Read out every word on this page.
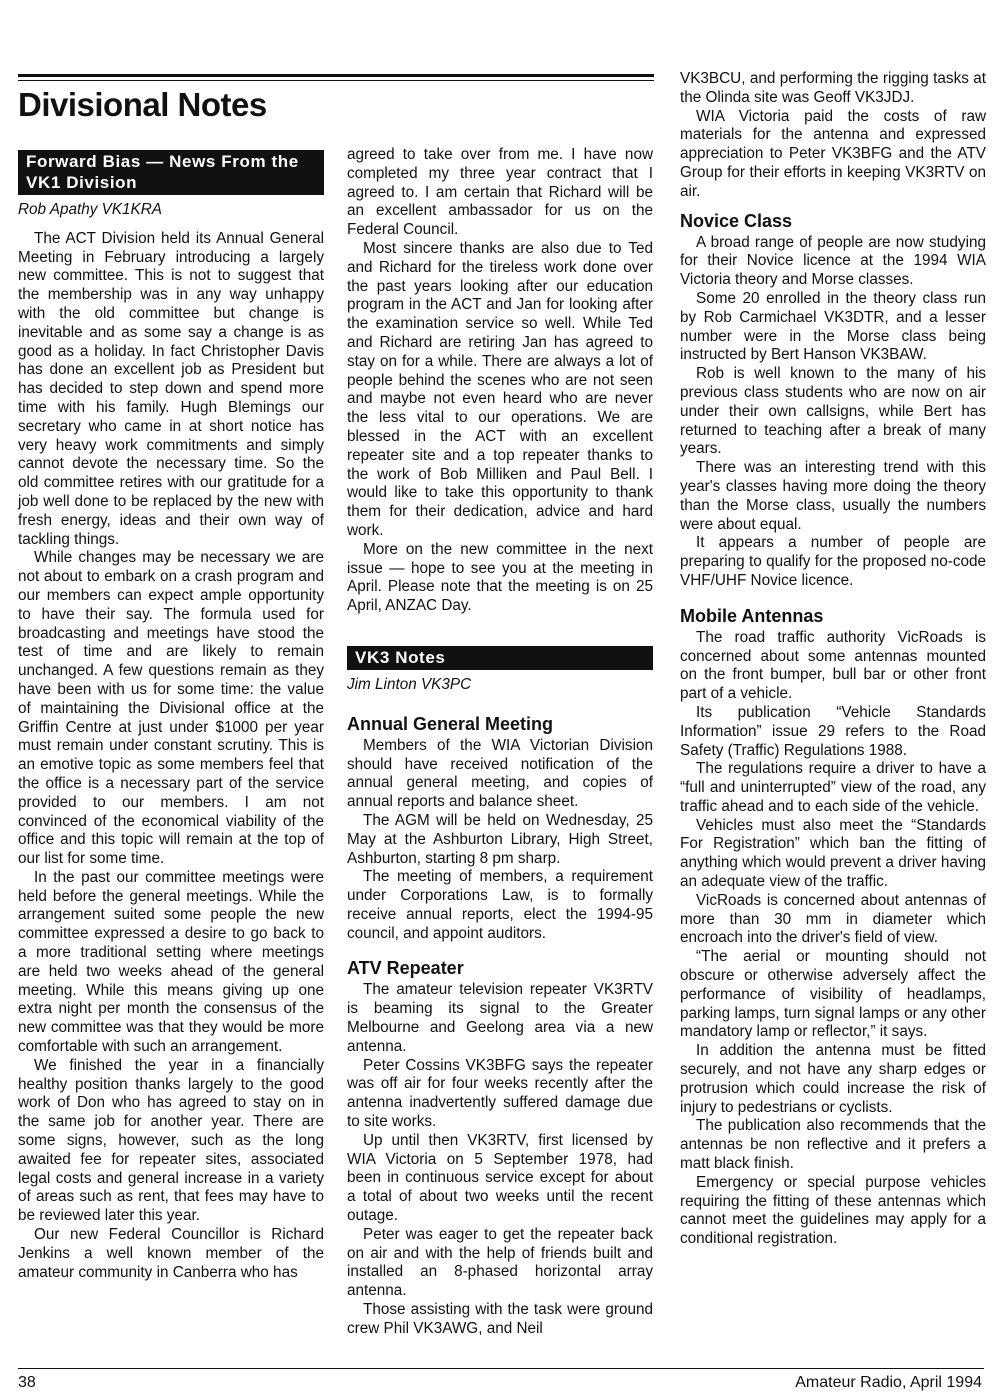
Divisional Notes
Forward Bias — News From the VK1 Division
Rob Apathy VK1KRA

The ACT Division held its Annual General Meeting in February introducing a largely new committee. This is not to suggest that the membership was in any way unhappy with the old committee but change is inevitable and as some say a change is as good as a holiday. In fact Christopher Davis has done an excellent job as President but has decided to step down and spend more time with his family. Hugh Blemings our secretary who came in at short notice has very heavy work commitments and simply cannot devote the necessary time. So the old committee retires with our gratitude for a job well done to be replaced by the new with fresh energy, ideas and their own way of tackling things.

While changes may be necessary we are not about to embark on a crash program and our members can expect ample opportunity to have their say. The formula used for broadcasting and meetings have stood the test of time and are likely to remain unchanged. A few questions remain as they have been with us for some time: the value of maintaining the Divisional office at the Griffin Centre at just under $1000 per year must remain under constant scrutiny. This is an emotive topic as some members feel that the office is a necessary part of the service provided to our members. I am not convinced of the economical viability of the office and this topic will remain at the top of our list for some time.

In the past our committee meetings were held before the general meetings. While the arrangement suited some people the new committee expressed a desire to go back to a more traditional setting where meetings are held two weeks ahead of the general meeting. While this means giving up one extra night per month the consensus of the new committee was that they would be more comfortable with such an arrangement.

We finished the year in a financially healthy position thanks largely to the good work of Don who has agreed to stay on in the same job for another year. There are some signs, however, such as the long awaited fee for repeater sites, associated legal costs and general increase in a variety of areas such as rent, that fees may have to be reviewed later this year.

Our new Federal Councillor is Richard Jenkins a well known member of the amateur community in Canberra who has

agreed to take over from me. I have now completed my three year contract that I agreed to. I am certain that Richard will be an excellent ambassador for us on the Federal Council.

Most sincere thanks are also due to Ted and Richard for the tireless work done over the past years looking after our education program in the ACT and Jan for looking after the examination service so well. While Ted and Richard are retiring Jan has agreed to stay on for a while. There are always a lot of people behind the scenes who are not seen and maybe not even heard who are never the less vital to our operations. We are blessed in the ACT with an excellent repeater site and a top repeater thanks to the work of Bob Milliken and Paul Bell. I would like to take this opportunity to thank them for their dedication, advice and hard work.

More on the new committee in the next issue — hope to see you at the meeting in April. Please note that the meeting is on 25 April, ANZAC Day.

VK3 Notes
Jim Linton VK3PC
Annual General Meeting

Members of the WIA Victorian Division should have received notification of the annual general meeting, and copies of annual reports and balance sheet.

The AGM will be held on Wednesday, 25 May at the Ashburton Library, High Street, Ashburton, starting 8 pm sharp.

The meeting of members, a requirement under Corporations Law, is to formally receive annual reports, elect the 1994-95 council, and appoint auditors.

ATV Repeater

The amateur television repeater VK3RTV is beaming its signal to the Greater Melbourne and Geelong area via a new antenna.

Peter Cossins VK3BFG says the repeater was off air for four weeks recently after the antenna inadvertently suffered damage due to site works.

Up until then VK3RTV, first licensed by WIA Victoria on 5 September 1978, had been in continuous service except for about a total of about two weeks until the recent outage.

Peter was eager to get the repeater back on air and with the help of friends built and installed an 8-phased horizontal array antenna.

Those assisting with the task were ground crew Phil VK3AWG, and Neil

VK3BCU, and performing the rigging tasks at the Olinda site was Geoff VK3JDJ.

WIA Victoria paid the costs of raw materials for the antenna and expressed appreciation to Peter VK3BFG and the ATV Group for their efforts in keeping VK3RTV on air.

Novice Class

A broad range of people are now studying for their Novice licence at the 1994 WIA Victoria theory and Morse classes.

Some 20 enrolled in the theory class run by Rob Carmichael VK3DTR, and a lesser number were in the Morse class being instructed by Bert Hanson VK3BAW.

Rob is well known to the many of his previous class students who are now on air under their own callsigns, while Bert has returned to teaching after a break of many years.

There was an interesting trend with this year's classes having more doing the theory than the Morse class, usually the numbers were about equal.

It appears a number of people are preparing to qualify for the proposed no-code VHF/UHF Novice licence.

Mobile Antennas

The road traffic authority VicRoads is concerned about some antennas mounted on the front bumper, bull bar or other front part of a vehicle.

Its publication “Vehicle Standards Information” issue 29 refers to the Road Safety (Traffic) Regulations 1988.

The regulations require a driver to have a “full and uninterrupted” view of the road, any traffic ahead and to each side of the vehicle.

Vehicles must also meet the “Standards For Registration” which ban the fitting of anything which would prevent a driver having an adequate view of the traffic.

VicRoads is concerned about antennas of more than 30 mm in diameter which encroach into the driver's field of view.

“The aerial or mounting should not obscure or otherwise adversely affect the performance of visibility of headlamps, parking lamps, turn signal lamps or any other mandatory lamp or reflector,” it says.

In addition the antenna must be fitted securely, and not have any sharp edges or protrusion which could increase the risk of injury to pedestrians or cyclists.

The publication also recommends that the antennas be non reflective and it prefers a matt black finish.

Emergency or special purpose vehicles requiring the fitting of these antennas which cannot meet the guidelines may apply for a conditional registration.

38	Amateur Radio, April 1994
